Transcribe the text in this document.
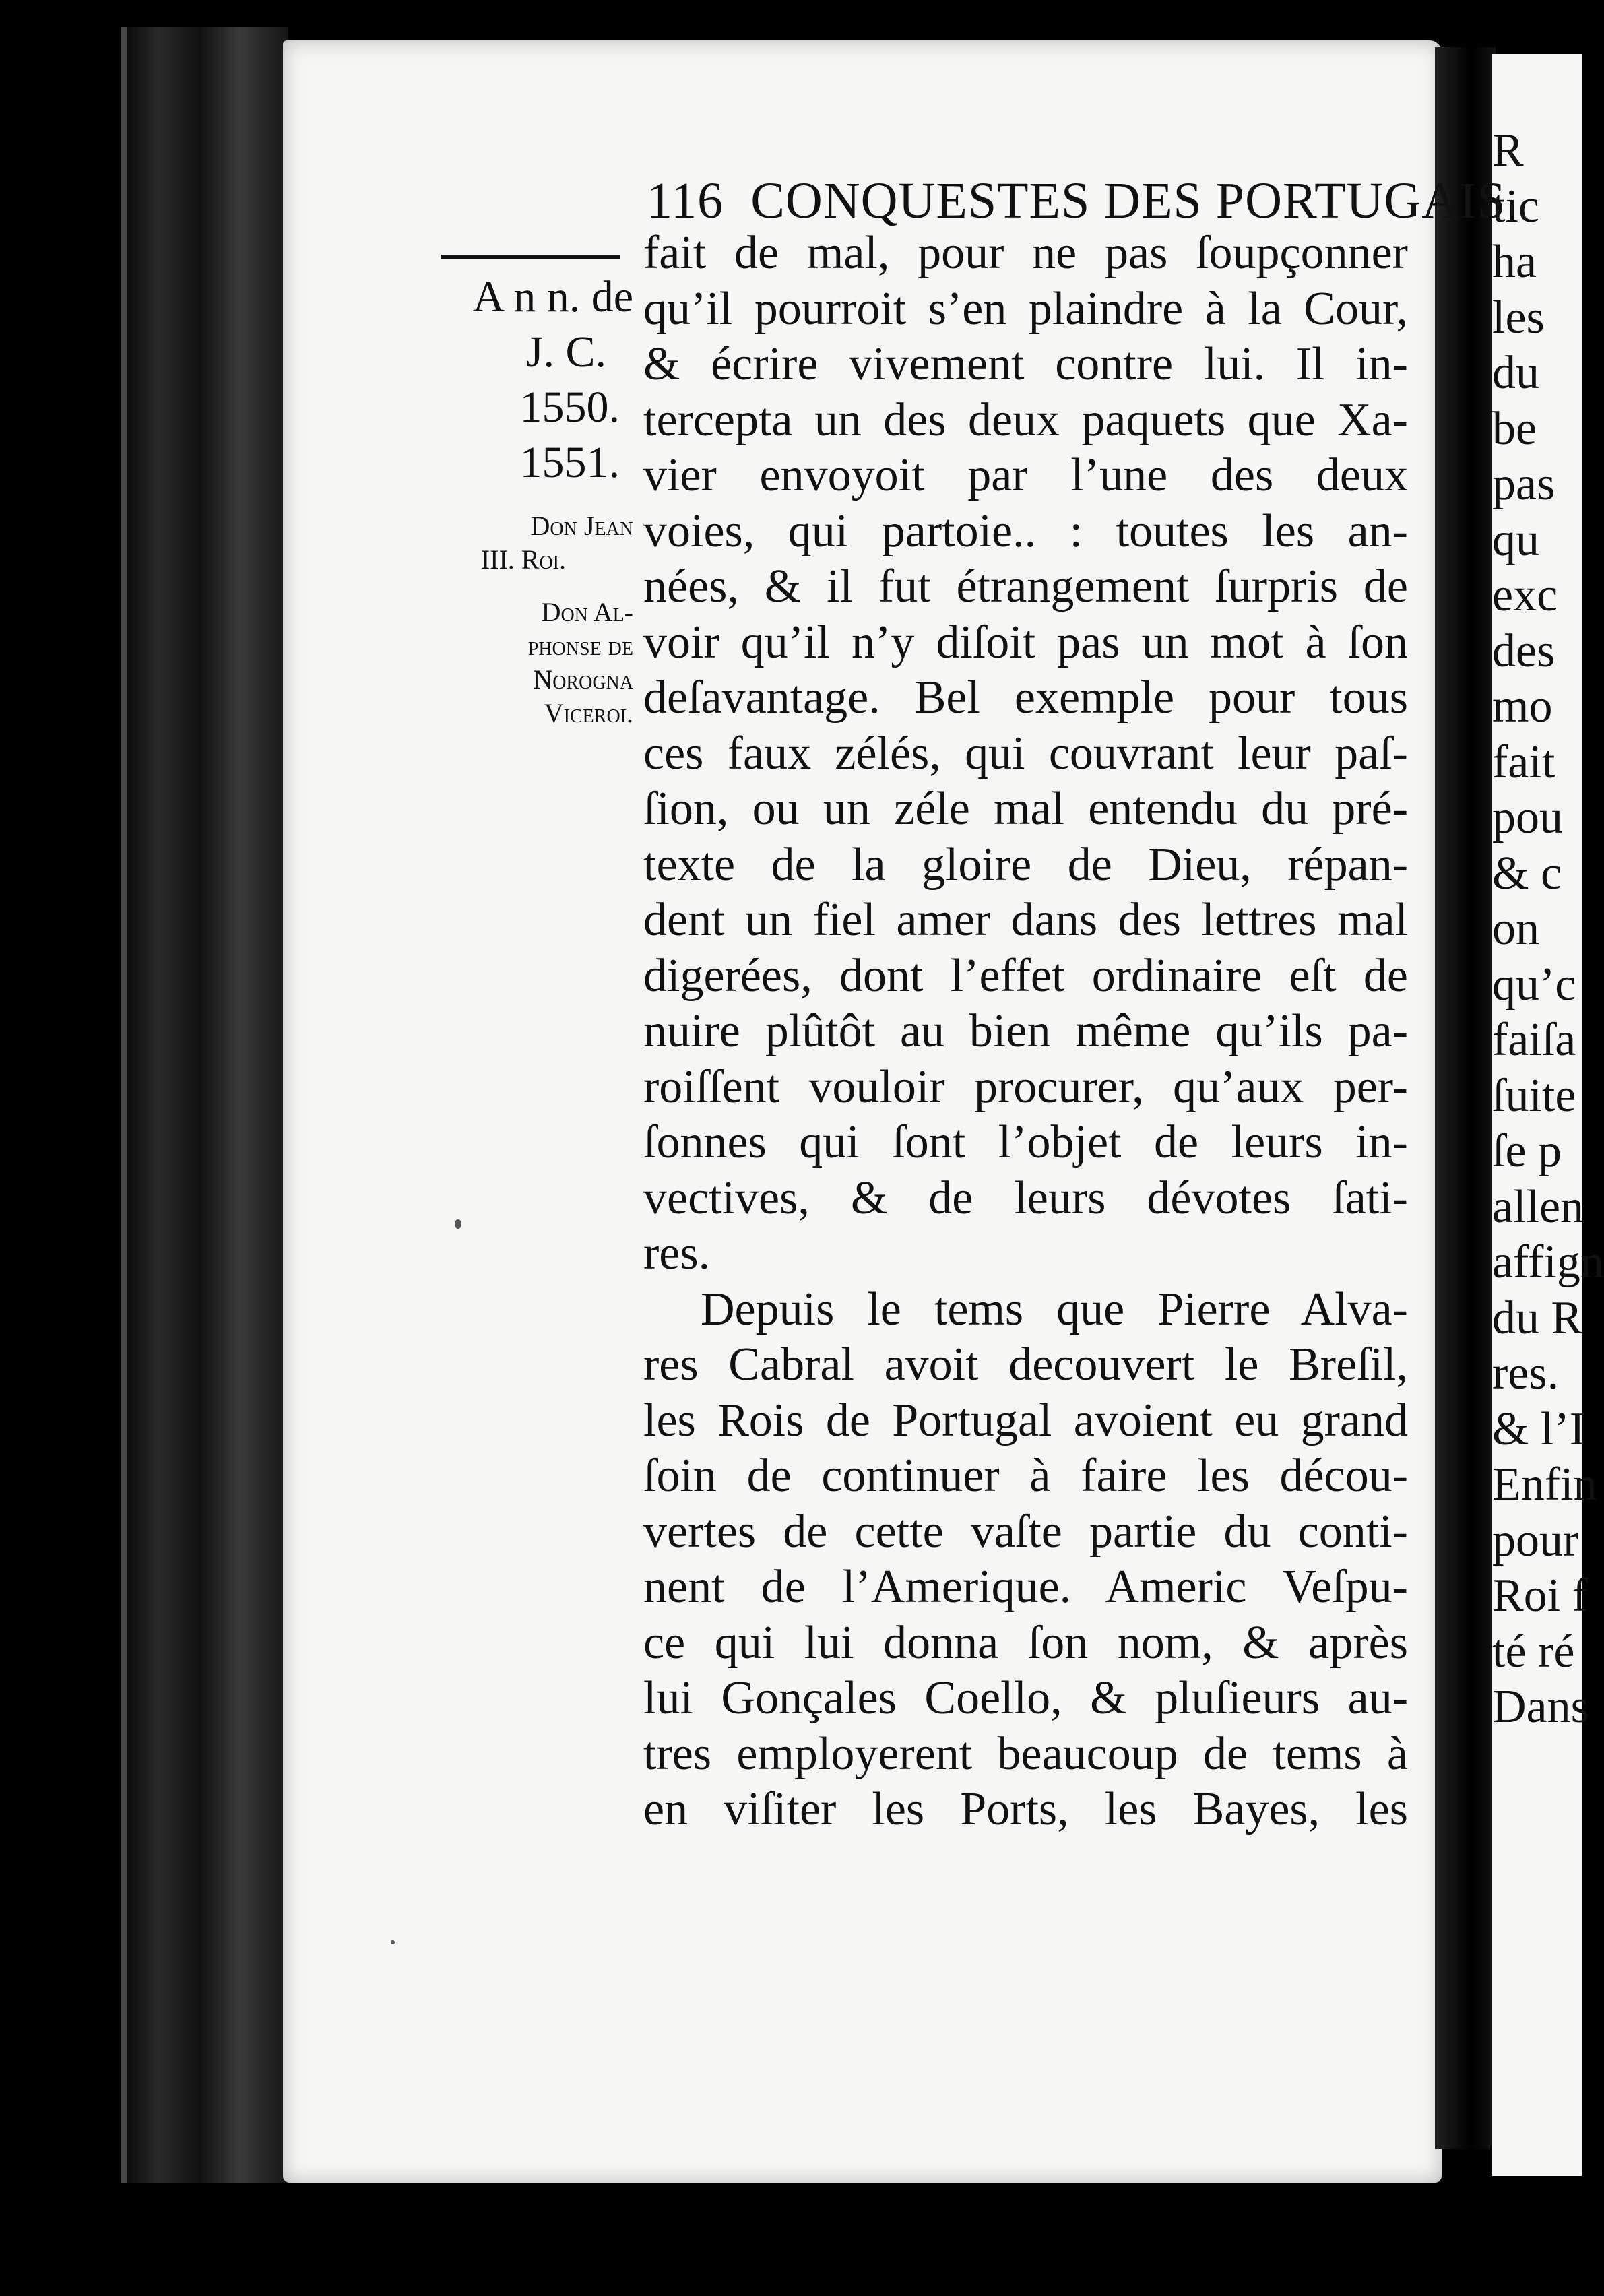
116 CONQUESTES DES PORTUGAIS
A n n. de
J. C.
1550.
1551.
Don Jean
III. Roi.
Don Al-
phonse de
Norogna
Viceroi.
fait de mal, pour ne pas ſoupçonner
qu’il pourroit s’en plaindre à la Cour,
& écrire vivement contre lui. Il in-
tercepta un des deux paquets que Xa-
vier envoyoit par l’une des deux
voies, qui partoie.. : toutes les an-
nées, & il fut étrangement ſurpris de
voir qu’il n’y diſoit pas un mot à ſon
deſavantage. Bel exemple pour tous
ces faux zélés, qui couvrant leur paſ-
ſion, ou un zéle mal entendu du pré-
texte de la gloire de Dieu, répan-
dent un fiel amer dans des lettres mal
digerées, dont l’effet ordinaire eſt de
nuire plûtôt au bien même qu’ils pa-
roiſſent vouloir procurer, qu’aux per-
ſonnes qui ſont l’objet de leurs in-
vectives, & de leurs dévotes ſati-
res.
Depuis le tems que Pierre Alva-
res Cabral avoit decouvert le Breſil,
les Rois de Portugal avoient eu grand
ſoin de continuer à faire les décou-
vertes de cette vaſte partie du conti-
nent de l’Amerique. Americ Veſpu-
ce qui lui donna ſon nom, & après
lui Gonçales Coello, & pluſieurs au-
tres employerent beaucoup de tems à
en viſiter les Ports, les Bayes, les
R
tic
ha
les
du
be
pas
qu
exc
des
mo
fait
pou
& c
on
qu’c
faiſa
ſuite
ſe p
allen
affign
du R
res.
& l’I
Enfin
pour
Roi f
té ré
Dans
